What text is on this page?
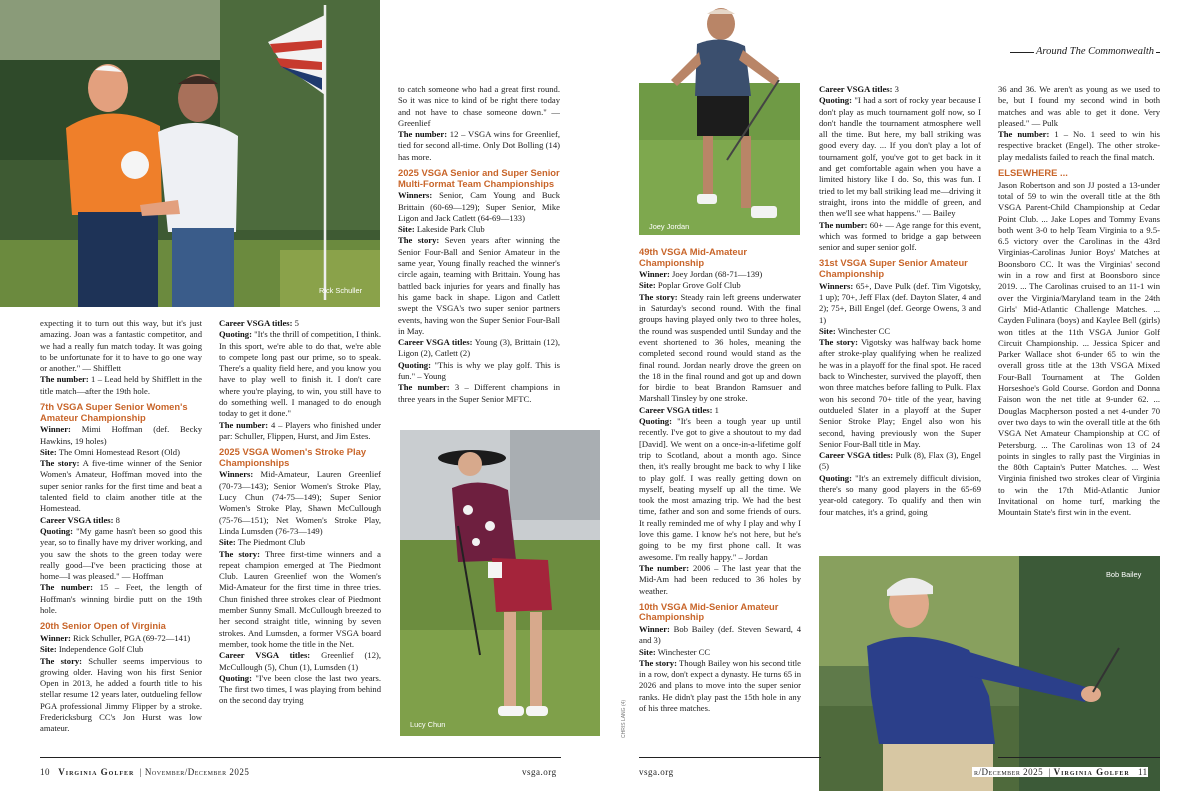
Rick Schuller

expecting it to turn out this way, but it's just amazing. Joan was a fantastic competitor, and we had a really fun match today. It was going to be unfortunate for it to have to go one way or another." — Shifflett

The number: 1 – Lead held by Shifflett in the title match—after the 19th hole.

7th VSGA Super Senior Women's Amateur Championship

Winner: Mimi Hoffman (def. Becky Hawkins, 19 holes)

Site: The Omni Homestead Resort (Old)

The story: A five-time winner of the Senior Women's Amateur, Hoffman moved into the super senior ranks for the first time and beat a talented field to claim another title at the Homestead.

Career VSGA titles: 8

Quoting: "My game hasn't been so good this year, so to finally have my driver working, and you saw the shots to the green today were really good—I've been practicing those at home—I was pleased." — Hoffman

The number: 15 – Feet, the length of Hoffman's winning birdie putt on the 19th hole.

20th Senior Open of Virginia

Winner: Rick Schuller, PGA (69-72—141)

Site: Independence Golf Club

The story: Schuller seems impervious to growing older. Having won his first Senior Open in 2013, he added a fourth title to his stellar resume 12 years later, outdueling fellow PGA professional Jimmy Flipper by a stroke. Fredericksburg CC's Jon Hurst was low amateur.

Career VSGA titles: 5

Quoting: "It's the thrill of competition, I think. In this sport, we're able to do that, we're able to compete long past our prime, so to speak. There's a quality field here, and you know you have to play well to finish it. I don't care where you're playing, to win, you still have to do something well. I managed to do enough today to get it done."

The number: 4 – Players who finished under par: Schuller, Flippen, Hurst, and Jim Estes.

2025 VSGA Women's Stroke Play Championships

Winners: Mid-Amateur, Lauren Greenlief (70-73—143); Senior Women's Stroke Play, Lucy Chun (74-75—149); Super Senior Women's Stroke Play, Shawn McCullough (75-76—151); Net Women's Stroke Play, Linda Lumsden (76-73—149)

Site: The Piedmont Club

The story: Three first-time winners and a repeat champion emerged at The Piedmont Club. Lauren Greenlief won the Women's Mid-Amateur for the first time in three tries. Chun finished three strokes clear of Piedmont member Sunny Small. McCullough breezed to her second straight title, winning by seven strokes. And Lumsden, a former VSGA board member, took home the title in the Net.

Career VSGA titles: Greenlief (12), McCullough (5), Chun (1), Lumsden (1)

Quoting: "I've been close the last two years. The first two times, I was playing from behind on the second day trying

to catch someone who had a great first round. So it was nice to kind of be right there today and not have to chase someone down." — Greenlief

The number: 12 – VSGA wins for Greenlief, tied for second all-time. Only Dot Bolling (14) has more.

2025 VSGA Senior and Super Senior Multi-Format Team Championships

Winners: Senior, Cam Young and Buck Brittain (60-69—129); Super Senior, Mike Ligon and Jack Catlett (64-69—133)

Site: Lakeside Park Club

The story: Seven years after winning the Senior Four-Ball and Senior Amateur in the same year, Young finally reached the winner's circle again, teaming with Brittain. Young has battled back injuries for years and finally has his game back in shape. Ligon and Catlett swept the VSGA's two super senior partners events, having won the Super Senior Four-Ball in May.

Career VSGA titles: Young (3), Brittain (12), Ligon (2), Catlett (2)

Quoting: "This is why we play golf. This is fun." – Young

The number: 3 – Different champions in three years in the Super Senior MFTC.

Lucy Chun	CHRIS LANG (4)
Around The Commonwealth
Joey Jordan
49th VSGA Mid-Amateur Championship

Winner: Joey Jordan (68-71—139)

Site: Poplar Grove Golf Club

The story: Steady rain left greens underwater in Saturday's second round. With the final groups having played only two to three holes, the round was suspended until Sunday and the event shortened to 36 holes, meaning the completed second round would stand as the final round. Jordan nearly drove the green on the 18 in the final round and got up and down for birdie to beat Brandon Ramsuer and Marshall Tinsley by one stroke.

Career VSGA titles: 1

Quoting: "It's been a tough year up until recently. I've got to give a shoutout to my dad [David]. We went on a once-in-a-lifetime golf trip to Scotland, about a month ago. Since then, it's really brought me back to why I like to play golf. I was really getting down on myself, beating myself up all the time. We took the most amazing trip. We had the best time, father and son and some friends of ours. It really reminded me of why I play and why I love this game. I know he's not here, but he's going to be my first phone call. It was awesome. I'm really happy." – Jordan

The number: 2006 – The last year that the Mid-Am had been reduced to 36 holes by weather.

10th VSGA Mid-Senior Amateur Championship

Winner: Bob Bailey (def. Steven Seward, 4 and 3)

Site: Winchester CC

The story: Though Bailey won his second title in a row, don't expect a dynasty. He turns 65 in 2026 and plans to move into the super senior ranks. He didn't play past the 15th hole in any of his three matches.

Career VSGA titles: 3

Quoting: "I had a sort of rocky year because I don't play as much tournament golf now, so I don't handle the tournament atmosphere well all the time. But here, my ball striking was good every day. ... If you don't play a lot of tournament golf, you've got to get back in it and get comfortable again when you have a limited history like I do. So, this was fun. I tried to let my ball striking lead me—driving it straight, irons into the middle of green, and then we'll see what happens." — Bailey

The number: 60+ — Age range for this event, which was formed to bridge a gap between senior and super senior golf.

31st VSGA Super Senior Amateur Championship

Winners: 65+, Dave Pulk (def. Tim Vigotsky, 1 up); 70+, Jeff Flax (def. Dayton Slater, 4 and 2); 75+, Bill Engel (def. George Owens, 3 and 1)

Site: Winchester CC

The story: Vigotsky was halfway back home after stroke-play qualifying when he realized he was in a playoff for the final spot. He raced back to Winchester, survived the playoff, then won three matches before falling to Pulk. Flax won his second 70+ title of the year, having outdueled Slater in a playoff at the Super Senior Stroke Play; Engel also won his second, having previously won the Super Senior Four-Ball title in May.

Career VSGA titles: Pulk (8), Flax (3), Engel (5)

Quoting: "It's an extremely difficult division, there's so many good players in the 65-69 year-old category. To qualify and then win four matches, it's a grind, going

36 and 36. We aren't as young as we used to be, but I found my second wind in both matches and was able to get it done. Very pleased." — Pulk

The number: 1 – No. 1 seed to win his respective bracket (Engel). The other stroke-play medalists failed to reach the final match.

ELSEWHERE ...

Jason Robertson and son JJ posted a 13-under total of 59 to win the overall title at the 8th VSGA Parent-Child Championship at Cedar Point Club. ... Jake Lopes and Tommy Evans both went 3-0 to help Team Virginia to a 9.5-6.5 victory over the Carolinas in the 43rd Virginias-Carolinas Junior Boys' Matches at Boonsboro CC. It was the Virginias' second win in a row and first at Boonsboro since 2019. ... The Carolinas cruised to an 11-1 win over the Virginia/Maryland team in the 24th Girls' Mid-Atlantic Challenge Matches. ... Cayden Fulinara (boys) and Kaylee Bell (girls) won titles at the 11th VSGA Junior Golf Circuit Championship. ... Jessica Spicer and Parker Wallace shot 6-under 65 to win the overall gross title at the 13th VSGA Mixed Four-Ball Tournament at The Golden Horseshoe's Gold Course. Gordon and Donna Faison won the net title at 9-under 62. ... Douglas Macpherson posted a net 4-under 70 over two days to win the overall title at the 6th VSGA Net Amateur Championship at CC of Petersburg. ... The Carolinas won 13 of 24 points in singles to rally past the Virginias in the 80th Captain's Putter Matches. ... West Virginia finished two strokes clear of Virginia to win the 17th Mid-Atlantic Junior Invitational on home turf, marking the Mountain State's first win in the event.

Bob Bailey
10 Virginia Golfer  | November/December 2025	vsga.org	vsga.org	r/December 2025  | Virginia Golfer 11
